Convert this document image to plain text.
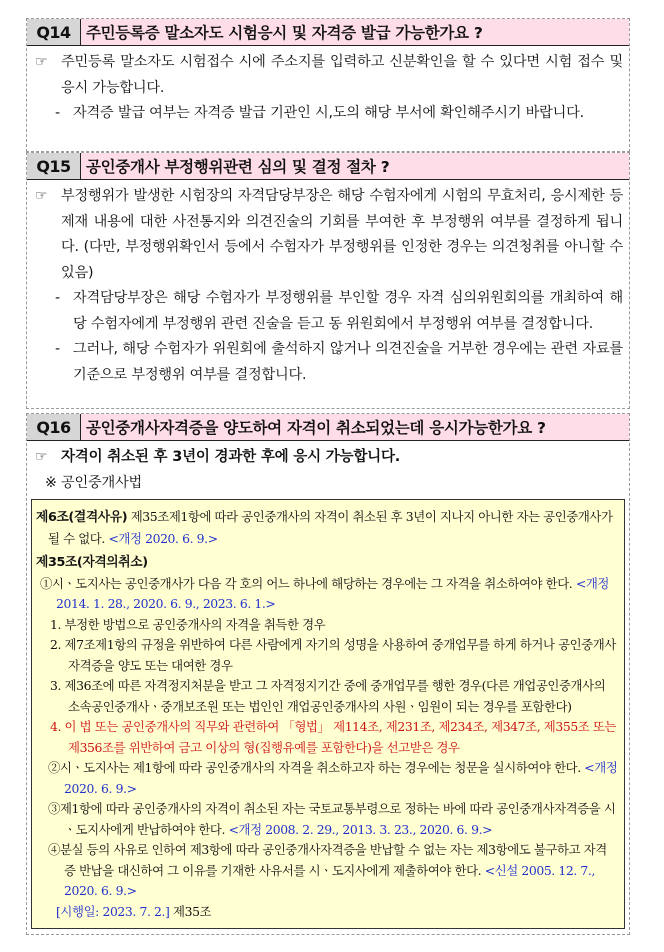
Q14 주민등록증 말소자도 시험응시 및 자격증 발급 가능한가요 ?
☞ 주민등록 말소자도 시험접수 시에 주소지를 입력하고 신분확인을 할 수 있다면 시험 접수 및 응시 가능합니다.
- 자격증 발급 여부는 자격증 발급 기관인 시,도의 해당 부서에 확인해주시기 바랍니다.
Q15 공인중개사 부정행위관련 심의 및 결정 절차 ?
☞ 부정행위가 발생한 시험장의 자격담당부장은 해당 수험자에게 시험의 무효처리, 응시제한 등 제재 내용에 대한 사전통지와 의견진술의 기회를 부여한 후 부정행위 여부를 결정하게 됩니다. (다만, 부정행위확인서 등에서 수험자가 부정행위를 인정한 경우는 의견청취를 아니할 수 있음)
- 자격담당부장은 해당 수험자가 부정행위를 부인할 경우 자격 심의위원회의를 개최하여 해당 수험자에게 부정행위 관련 진술을 듣고 동 위원회에서 부정행위 여부를 결정합니다.
- 그러나, 해당 수험자가 위원회에 출석하지 않거나 의견진술을 거부한 경우에는 관련 자료를 기준으로 부정행위 여부를 결정합니다.
Q16 공인중개사자격증을 양도하여 자격이 취소되었는데 응시가능한가요 ?
☞ 자격이 취소된 후 3년이 경과한 후에 응시 가능합니다.
※ 공인중개사법
제6조(결격사유) 제35조제1항에 따라 공인중개사의 자격이 취소된 후 3년이 지나지 아니한 자는 공인중개사가 될 수 없다. <개정 2020. 6. 9.>
제35조(자격의취소)
①시ㆍ도지사는 공인중개사가 다음 각 호의 어느 하나에 해당하는 경우에는 그 자격을 취소하여야 한다. <개정 2014. 1. 28., 2020. 6. 9., 2023. 6. 1.>
1. 부정한 방법으로 공인중개사의 자격을 취득한 경우
2. 제7조제1항의 규정을 위반하여 다른 사람에게 자기의 성명을 사용하여 중개업무를 하게 하거나 공인중개사자격증을 양도 또는 대여한 경우
3. 제36조에 따른 자격정지처분을 받고 그 자격정지기간 중에 중개업무를 행한 경우(다른 개업공인중개사의 소속공인중개사ㆍ중개보조원 또는 법인인 개업공인중개사의 사원ㆍ임원이 되는 경우를 포함한다)
4. 이 법 또는 공인중개사의 직무와 관련하여 「형법」 제114조, 제231조, 제234조, 제347조, 제355조 또는 제356조를 위반하여 금고 이상의 형(집행유예를 포함한다)을 선고받은 경우
②시ㆍ도지사는 제1항에 따라 공인중개사의 자격을 취소하고자 하는 경우에는 청문을 실시하여야 한다. <개정 2020. 6. 9.>
③제1항에 따라 공인중개사의 자격이 취소된 자는 국토교통부령으로 정하는 바에 따라 공인중개사자격증을 시ㆍ도지사에게 반납하여야 한다. <개정 2008. 2. 29., 2013. 3. 23., 2020. 6. 9.>
④분실 등의 사유로 인하여 제3항에 따라 공인중개사자격증을 반납할 수 없는 자는 제3항에도 불구하고 자격증 반납을 대신하여 그 이유를 기재한 사유서를 시ㆍ도지사에게 제출하여야 한다. <신설 2005. 12. 7., 2020. 6. 9.>
[시행일: 2023. 7. 2.] 제35조
